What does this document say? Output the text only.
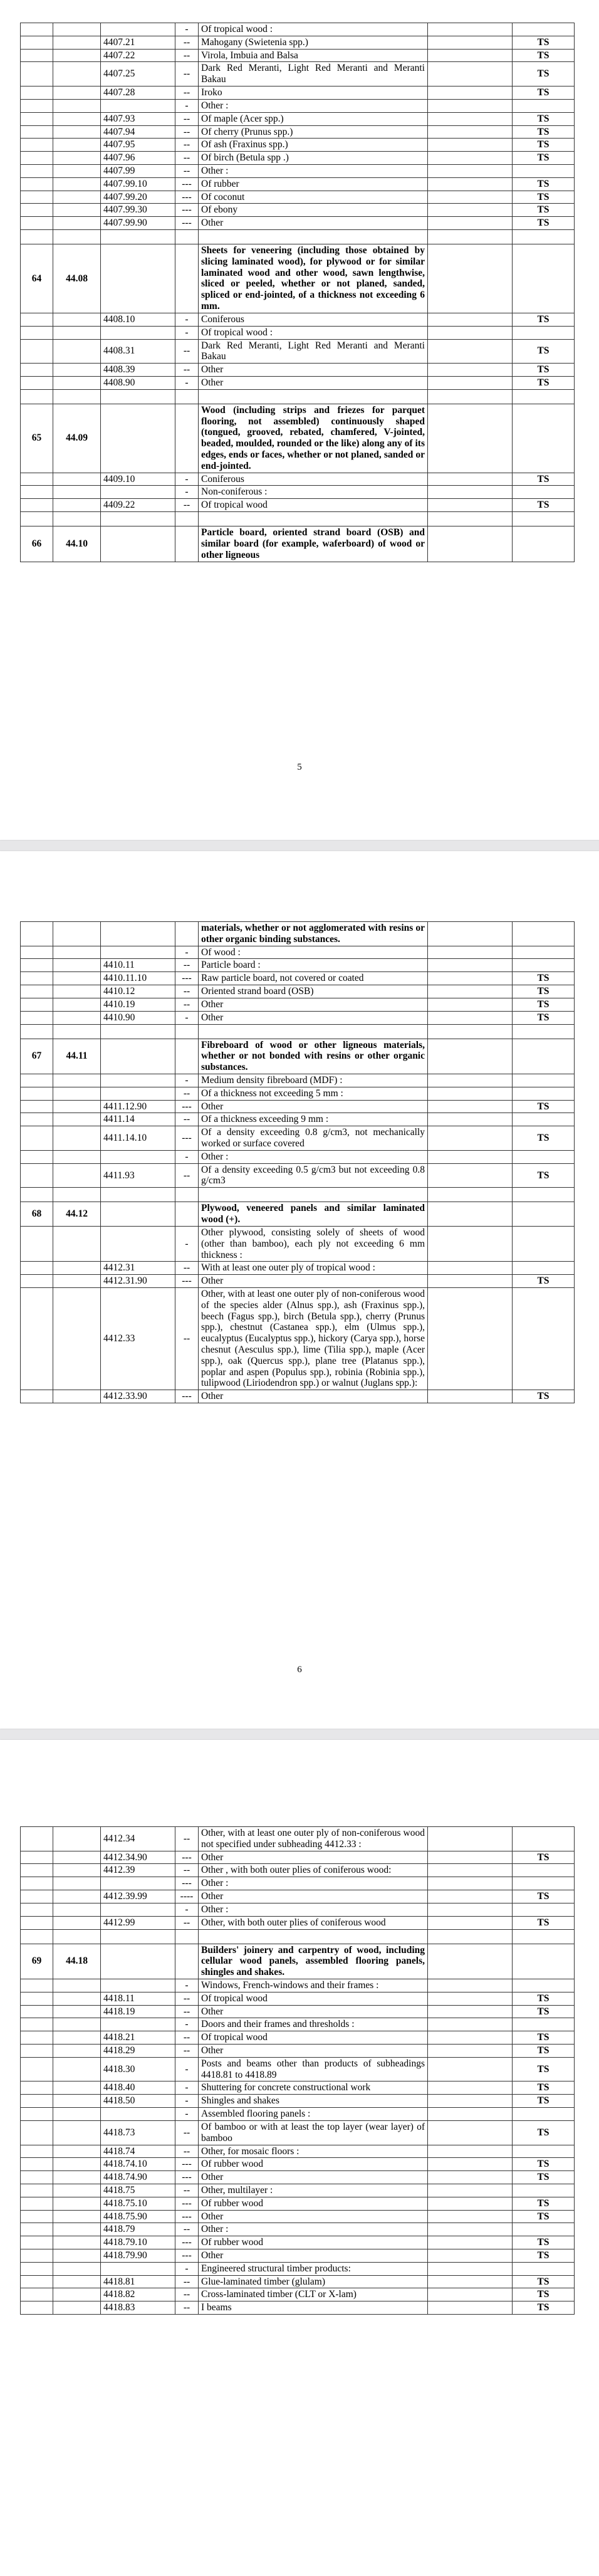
			-	Of tropical wood :		
		4407.21	--	Mahogany (Swietenia spp.)		TS
		4407.22	--	Virola, Imbuia and Balsa		TS
		4407.25	--	Dark Red Meranti, Light Red Meranti and Meranti Bakau		TS
		4407.28	--	Iroko		TS
			-	Other :		
		4407.93	--	Of maple (Acer spp.)		TS
		4407.94	--	Of cherry (Prunus spp.)		TS
		4407.95	--	Of ash (Fraxinus spp.)		TS
		4407.96	--	Of birch (Betula spp .)		TS
		4407.99	--	Other :		
		4407.99.10	---	Of rubber		TS
		4407.99.20	---	Of coconut		TS
		4407.99.30	---	Of ebony		TS
		4407.99.90	---	Other		TS

64	44.08			Sheets for veneering (including those obtained by slicing laminated wood), for plywood or for similar laminated wood and other wood, sawn lengthwise, sliced or peeled, whether or not planed, sanded, spliced or end-jointed, of a thickness not exceeding 6 mm.		
		4408.10	-	Coniferous		TS
			-	Of tropical wood :		
		4408.31	--	Dark Red Meranti, Light Red Meranti and Meranti Bakau		TS
		4408.39	--	Other		TS
		4408.90	-	Other		TS

65	44.09			Wood (including strips and friezes for parquet flooring, not assembled) continuously shaped (tongued, grooved, rebated, chamfered, V-jointed, beaded, moulded, rounded or the like) along any of its edges, ends or faces, whether or not planed, sanded or end-jointed.		
		4409.10	-	Coniferous		TS
			-	Non-coniferous :		
		4409.22	--	Of tropical wood		TS

66	44.10			Particle board, oriented strand board (OSB) and similar board (for example, waferboard) of wood or other ligneous		
5
				materials, whether or not agglomerated with resins or other organic binding substances.		
			-	Of wood :		
		4410.11	--	Particle board :		
		4410.11.10	---	Raw particle board, not covered or coated		TS
		4410.12	--	Oriented strand board (OSB)		TS
		4410.19	--	Other		TS
		4410.90	-	Other		TS

67	44.11			Fibreboard of wood or other ligneous materials, whether or not bonded with resins or other organic substances.		
			-	Medium density fibreboard (MDF) :		
			--	Of a thickness not exceeding 5 mm :		
		4411.12.90	---	Other		TS
		4411.14	--	Of a thickness exceeding 9 mm :		
		4411.14.10	---	Of a density exceeding 0.8 g/cm3, not mechanically worked or surface covered		TS
			-	Other :		
		4411.93	--	Of a density exceeding 0.5 g/cm3 but not exceeding 0.8 g/cm3		TS

68	44.12			Plywood, veneered panels and similar laminated wood (+).		
			-	Other plywood, consisting solely of sheets of wood (other than bamboo), each ply not exceeding 6 mm thickness :		
		4412.31	--	With at least one outer ply of tropical wood :		
		4412.31.90	---	Other		TS
		4412.33	--	Other, with at least one outer ply of non-coniferous wood of the species alder (Alnus spp.), ash (Fraxinus spp.), beech (Fagus spp.), birch (Betula spp.), cherry (Prunus spp.), chestnut (Castanea spp.), elm (Ulmus spp.), eucalyptus (Eucalyptus spp.), hickory (Carya spp.), horse chesnut (Aesculus spp.), lime (Tilia spp.), maple (Acer spp.), oak (Quercus spp.), plane tree (Platanus spp.), poplar and aspen (Populus spp.), robinia (Robinia spp.), tulipwood (Liriodendron spp.) or walnut (Juglans spp.):		
		4412.33.90	---	Other		TS
6
		4412.34	--	Other, with at least one outer ply of non-coniferous wood not specified under subheading 4412.33 :		
		4412.34.90	---	Other		TS
		4412.39	--	Other , with both outer plies of coniferous wood:		
			---	Other :		
		4412.39.99	----	Other		TS
			-	Other :		
		4412.99	--	Other, with both outer plies of coniferous wood		TS

69	44.18			Builders' joinery and carpentry of wood, including cellular wood panels, assembled flooring panels, shingles and shakes.		
			-	Windows, French-windows and their frames :		
		4418.11	--	Of tropical wood		TS
		4418.19	--	Other		TS
			-	Doors and their frames and thresholds :		
		4418.21	--	Of tropical wood		TS
		4418.29	--	Other		TS
		4418.30	-	Posts and beams other than products of subheadings 4418.81 to 4418.89		TS
		4418.40	-	Shuttering for concrete constructional work		TS
		4418.50	-	Shingles and shakes		TS
			-	Assembled flooring panels :		
		4418.73	--	Of bamboo or with at least the top layer (wear layer) of bamboo		TS
		4418.74	--	Other, for mosaic floors :		
		4418.74.10	---	Of rubber wood		TS
		4418.74.90	---	Other		TS
		4418.75	--	Other, multilayer :		
		4418.75.10	---	Of rubber wood		TS
		4418.75.90	---	Other		TS
		4418.79	--	Other :		
		4418.79.10	---	Of rubber wood		TS
		4418.79.90	---	Other		TS
			-	Engineered structural timber products:		
		4418.81	--	Glue-laminated timber (glulam)		TS
		4418.82	--	Cross-laminated timber (CLT or X-lam)		TS
		4418.83	--	I beams		TS
